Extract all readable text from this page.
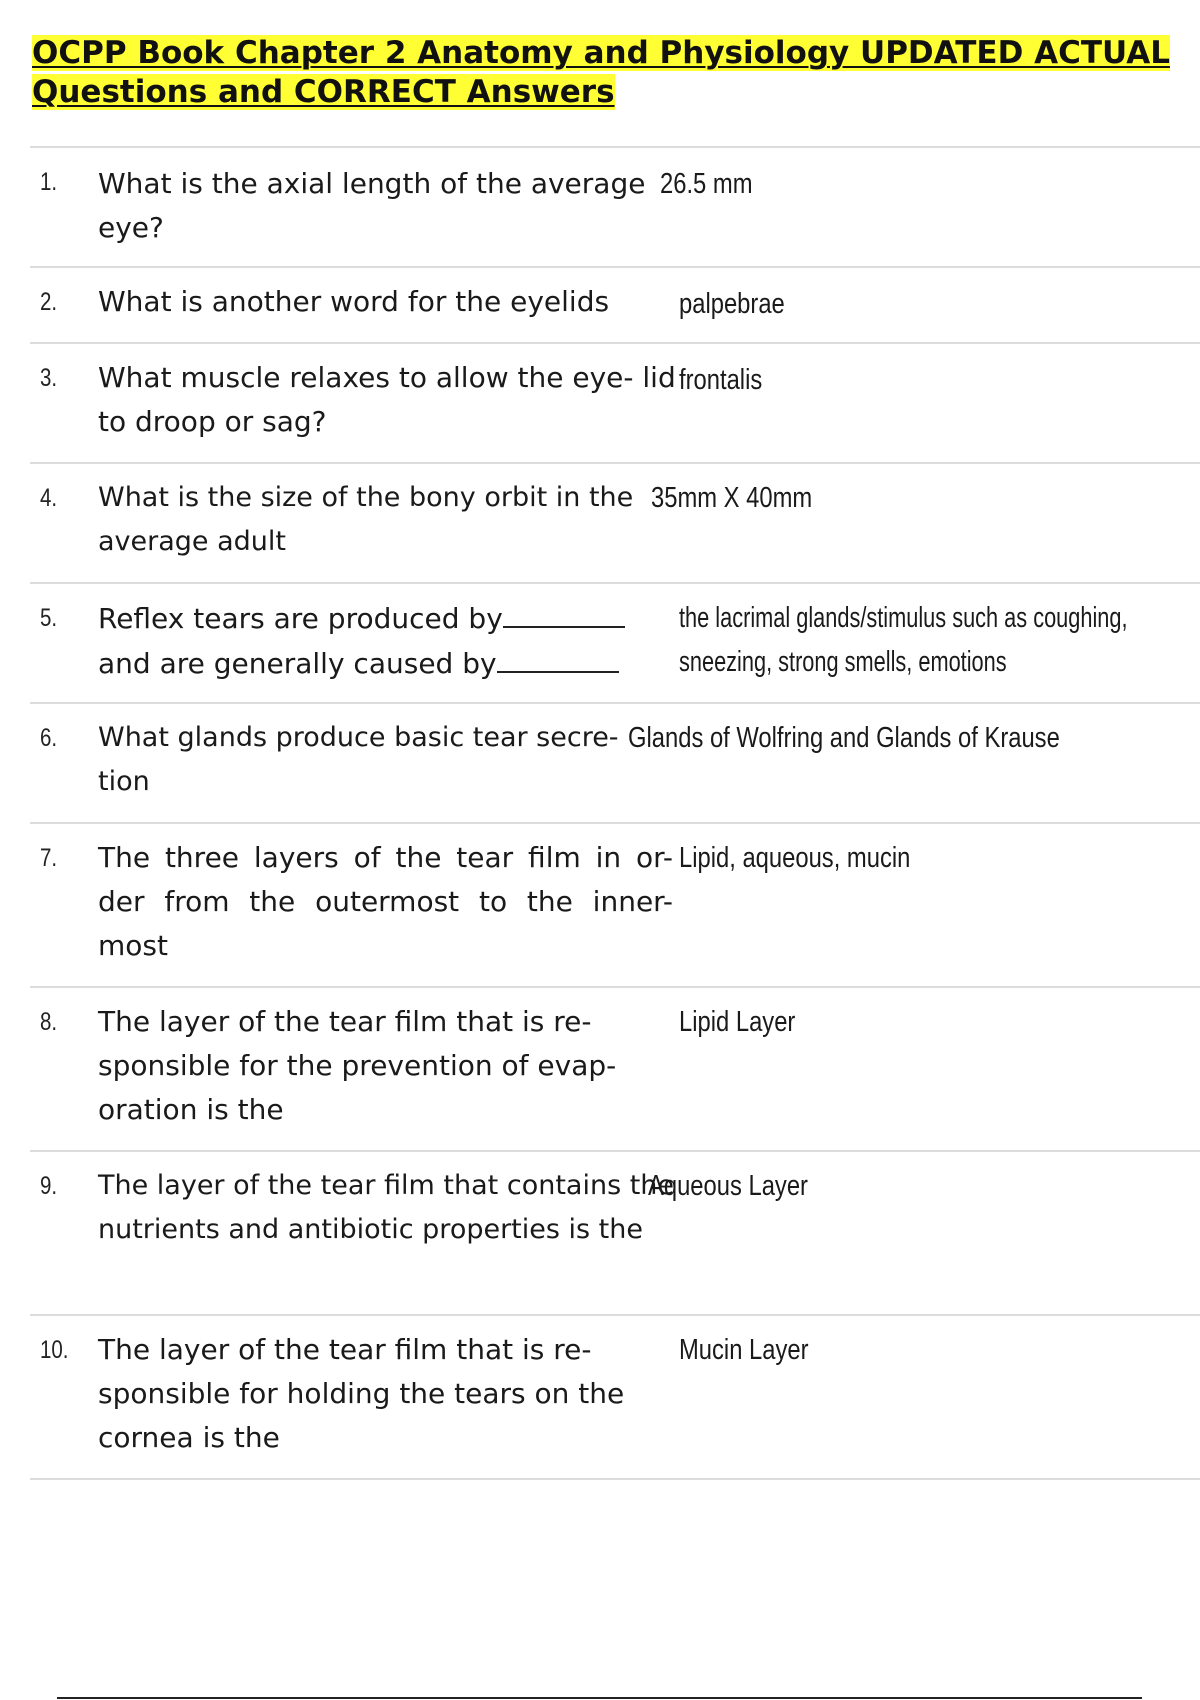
OCPP Book Chapter 2 Anatomy and Physiology UPDATED ACTUAL
Questions and CORRECT Answers
1. What is the axial length of the average eye?
26.5 mm
2. What is another word for the eyelids	palpebrae
3. What muscle relaxes to allow the eye- lid to droop or sag?
frontalis
4. What is the size of the bony orbit in the average adult
35mm X 40mm
5. Reflex tears are produced by
and are generally caused by
the lacrimal glands/stimulus such as coughing,
sneezing, strong smells, emotions
6. What glands produce basic tear secre- tion
Glands of Wolfring and Glands of Krause
7. The three layers of the tear film in or- der from the outermost to the inner- most
Lipid, aqueous, mucin
8. The layer of the tear film that is re- sponsible for the prevention of evap- oration is the
Lipid Layer
9. The layer of the tear film that contains the nutrients and antibiotic properties is the
Aqueous Layer
10. The layer of the tear film that is re- sponsible for holding the tears on the cornea is the
Mucin Layer
